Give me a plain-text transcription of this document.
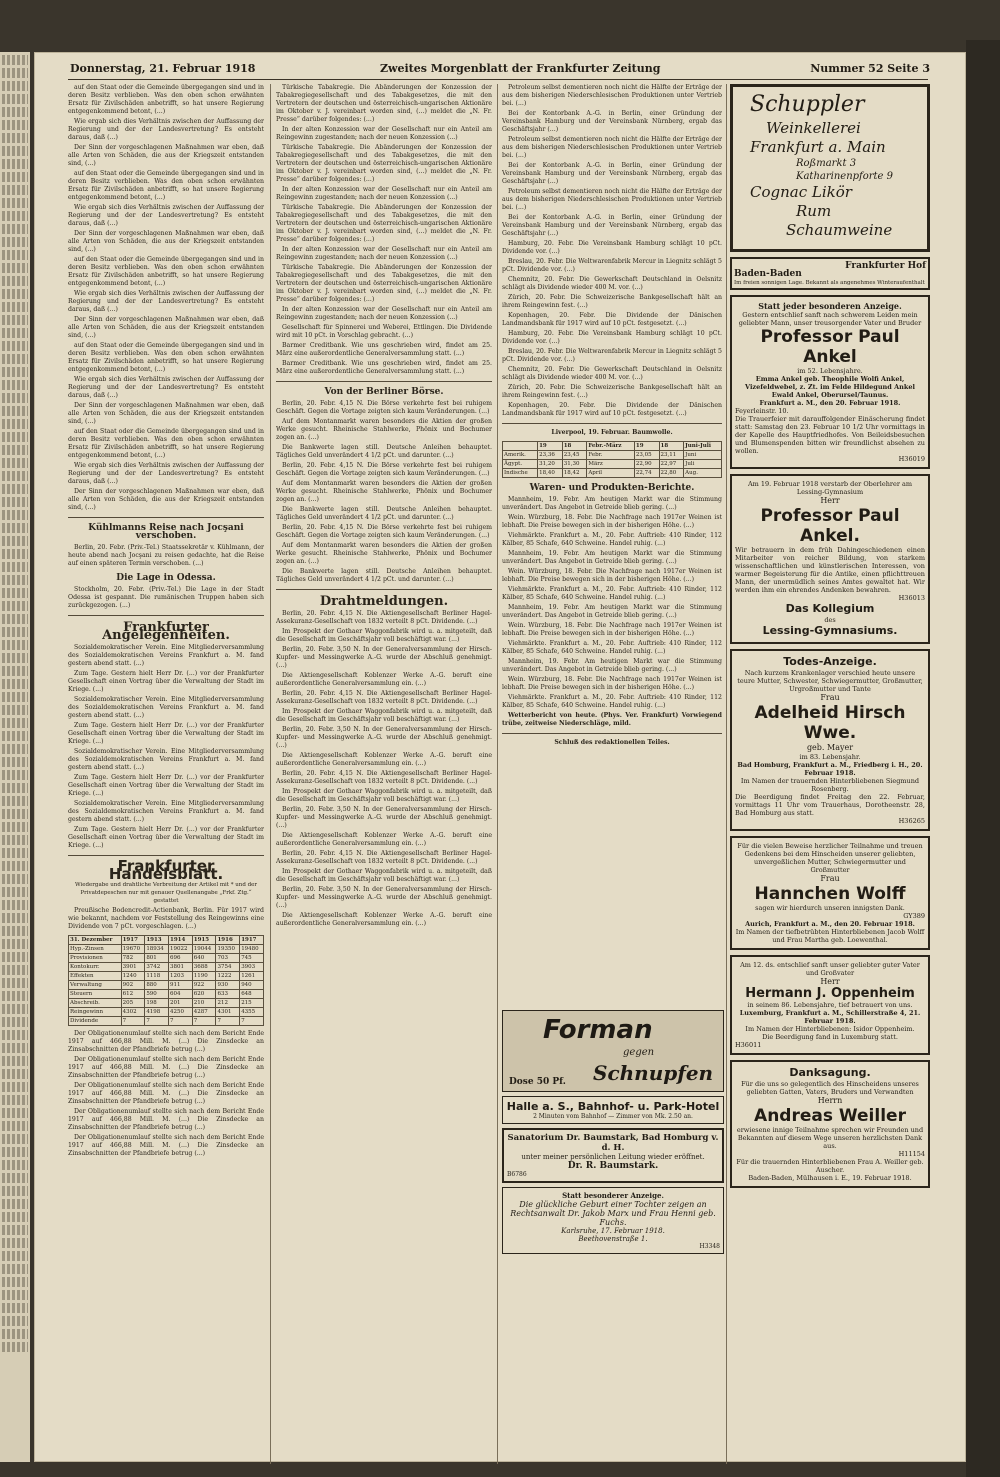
Donnerstag, 21. Februar 1918	Zweites Morgenblatt der Frankfurter Zeitung	Nummer 52 Seite 3

auf den Staat oder die Gemeinde übergegangen sind und in deren Besitz verblieben. Was den oben schon erwähnten Ersatz für Zivilschäden anbetrifft, so hat unsere Regierung entgegenkommend betont, (...)

Wie ergab sich dies Verhältnis zwischen der Auffassung der Regierung und der der Landesvertretung? Es entsteht daraus, daß (...)

Der Sinn der vorgeschlagenen Maßnahmen war eben, daß alle Arten von Schäden, die aus der Kriegszeit entstanden sind, (...)

auf den Staat oder die Gemeinde übergegangen sind und in deren Besitz verblieben. Was den oben schon erwähnten Ersatz für Zivilschäden anbetrifft, so hat unsere Regierung entgegenkommend betont, (...)

Wie ergab sich dies Verhältnis zwischen der Auffassung der Regierung und der der Landesvertretung? Es entsteht daraus, daß (...)

Der Sinn der vorgeschlagenen Maßnahmen war eben, daß alle Arten von Schäden, die aus der Kriegszeit entstanden sind, (...)

auf den Staat oder die Gemeinde übergegangen sind und in deren Besitz verblieben. Was den oben schon erwähnten Ersatz für Zivilschäden anbetrifft, so hat unsere Regierung entgegenkommend betont, (...)

Wie ergab sich dies Verhältnis zwischen der Auffassung der Regierung und der der Landesvertretung? Es entsteht daraus, daß (...)

Der Sinn der vorgeschlagenen Maßnahmen war eben, daß alle Arten von Schäden, die aus der Kriegszeit entstanden sind, (...)

auf den Staat oder die Gemeinde übergegangen sind und in deren Besitz verblieben. Was den oben schon erwähnten Ersatz für Zivilschäden anbetrifft, so hat unsere Regierung entgegenkommend betont, (...)

Wie ergab sich dies Verhältnis zwischen der Auffassung der Regierung und der der Landesvertretung? Es entsteht daraus, daß (...)

Der Sinn der vorgeschlagenen Maßnahmen war eben, daß alle Arten von Schäden, die aus der Kriegszeit entstanden sind, (...)

auf den Staat oder die Gemeinde übergegangen sind und in deren Besitz verblieben. Was den oben schon erwähnten Ersatz für Zivilschäden anbetrifft, so hat unsere Regierung entgegenkommend betont, (...)

Wie ergab sich dies Verhältnis zwischen der Auffassung der Regierung und der der Landesvertretung? Es entsteht daraus, daß (...)

Der Sinn der vorgeschlagenen Maßnahmen war eben, daß alle Arten von Schäden, die aus der Kriegszeit entstanden sind, (...)

Kühlmanns Reise nach Jocşani verschoben.

Berlin, 20. Febr. (Priv.-Tel.) Staatssekretär v. Kühlmann, der heute abend nach Jocşani zu reisen gedachte, hat die Reise auf einen späteren Termin verschoben. (...)

Die Lage in Odessa.

Stockholm, 20. Febr. (Priv.-Tel.) Die Lage in der Stadt Odessa ist gespannt. Die rumänischen Truppen haben sich zurückgezogen. (...)

Frankfurter Angelegenheiten.

Sozialdemokratischer Verein. Eine Mitgliederversammlung des Sozialdemokratischen Vereins Frankfurt a. M. fand gestern abend statt. (...)

Zum Tage. Gestern hielt Herr Dr. (...) vor der Frankfurter Gesellschaft einen Vortrag über die Verwaltung der Stadt im Kriege. (...)

Sozialdemokratischer Verein. Eine Mitgliederversammlung des Sozialdemokratischen Vereins Frankfurt a. M. fand gestern abend statt. (...)

Zum Tage. Gestern hielt Herr Dr. (...) vor der Frankfurter Gesellschaft einen Vortrag über die Verwaltung der Stadt im Kriege. (...)

Sozialdemokratischer Verein. Eine Mitgliederversammlung des Sozialdemokratischen Vereins Frankfurt a. M. fand gestern abend statt. (...)

Zum Tage. Gestern hielt Herr Dr. (...) vor der Frankfurter Gesellschaft einen Vortrag über die Verwaltung der Stadt im Kriege. (...)

Sozialdemokratischer Verein. Eine Mitgliederversammlung des Sozialdemokratischen Vereins Frankfurt a. M. fand gestern abend statt. (...)

Zum Tage. Gestern hielt Herr Dr. (...) vor der Frankfurter Gesellschaft einen Vortrag über die Verwaltung der Stadt im Kriege. (...)

Frankfurter Handelsblatt.

Wiedergabe und drahtliche Verbreitung der Artikel mit * und der Privatdepeschen nur mit genauer Quellenangabe „Frkf. Ztg.“ gestattet

Preußische Bodencredit-Actienbank, Berlin. Für 1917 wird wie bekannt, nachdem vor Feststellung des Reingewinns eine Dividende von 7 pCt. vorgeschlagen. (...)

31. Dezember	1917	1913	1914	1915	1916	1917
Hyp.-Zinsen	19670	18934	19022	19044	19350	19480
Provisionen	782	801	696	640	703	745
Kontokurr.	3901	3742	3801	3688	3754	3903
Effekten	1240	1118	1203	1190	1222	1261
Verwaltung	902	880	911	922	930	940
Steuern	612	590	604	620	633	648
Abschreib.	205	198	201	210	212	215
Reingewinn	4302	4198	4250	4287	4301	4355
Dividende	7	7	7	7	7	7

Der Obligationenumlauf stellte sich nach dem Bericht Ende 1917 auf 466,88 Mill. M. (...) Die Zinsdecke an Zinsabschnitten der Pfandbriefe betrug (...)

Der Obligationenumlauf stellte sich nach dem Bericht Ende 1917 auf 466,88 Mill. M. (...) Die Zinsdecke an Zinsabschnitten der Pfandbriefe betrug (...)

Der Obligationenumlauf stellte sich nach dem Bericht Ende 1917 auf 466,88 Mill. M. (...) Die Zinsdecke an Zinsabschnitten der Pfandbriefe betrug (...)

Der Obligationenumlauf stellte sich nach dem Bericht Ende 1917 auf 466,88 Mill. M. (...) Die Zinsdecke an Zinsabschnitten der Pfandbriefe betrug (...)

Der Obligationenumlauf stellte sich nach dem Bericht Ende 1917 auf 466,88 Mill. M. (...) Die Zinsdecke an Zinsabschnitten der Pfandbriefe betrug (...)

Türkische Tabakregie. Die Abänderungen der Konzession der Tabakregiegesellschaft und des Tabakgesetzes, die mit den Vertretern der deutschen und österreichisch-ungarischen Aktionäre im Oktober v. J. vereinbart worden sind, (...) meldet die „N. Fr. Presse“ darüber folgendes: (...)

In der alten Konzession war der Gesellschaft nur ein Anteil am Reingewinn zugestanden; nach der neuen Konzession (...)

Türkische Tabakregie. Die Abänderungen der Konzession der Tabakregiegesellschaft und des Tabakgesetzes, die mit den Vertretern der deutschen und österreichisch-ungarischen Aktionäre im Oktober v. J. vereinbart worden sind, (...) meldet die „N. Fr. Presse“ darüber folgendes: (...)

In der alten Konzession war der Gesellschaft nur ein Anteil am Reingewinn zugestanden; nach der neuen Konzession (...)

Türkische Tabakregie. Die Abänderungen der Konzession der Tabakregiegesellschaft und des Tabakgesetzes, die mit den Vertretern der deutschen und österreichisch-ungarischen Aktionäre im Oktober v. J. vereinbart worden sind, (...) meldet die „N. Fr. Presse“ darüber folgendes: (...)

In der alten Konzession war der Gesellschaft nur ein Anteil am Reingewinn zugestanden; nach der neuen Konzession (...)

Türkische Tabakregie. Die Abänderungen der Konzession der Tabakregiegesellschaft und des Tabakgesetzes, die mit den Vertretern der deutschen und österreichisch-ungarischen Aktionäre im Oktober v. J. vereinbart worden sind, (...) meldet die „N. Fr. Presse“ darüber folgendes: (...)

In der alten Konzession war der Gesellschaft nur ein Anteil am Reingewinn zugestanden; nach der neuen Konzession (...)

Gesellschaft für Spinnerei und Weberei, Ettlingen. Die Dividende wird mit 10 pCt. in Vorschlag gebracht. (...)

Barmer Creditbank. Wie uns geschrieben wird, findet am 25. März eine außerordentliche Generalversammlung statt. (...)

Barmer Creditbank. Wie uns geschrieben wird, findet am 25. März eine außerordentliche Generalversammlung statt. (...)

Von der Berliner Börse.

Berlin, 20. Febr. 4,15 N. Die Börse verkehrte fest bei ruhigem Geschäft. Gegen die Vortage zeigten sich kaum Veränderungen. (...)

Auf dem Montanmarkt waren besonders die Aktien der großen Werke gesucht. Rheinische Stahlwerke, Phönix und Bochumer zogen an. (...)

Die Bankwerte lagen still. Deutsche Anleihen behauptet. Tägliches Geld unverändert 4 1/2 pCt. und darunter. (...)

Berlin, 20. Febr. 4,15 N. Die Börse verkehrte fest bei ruhigem Geschäft. Gegen die Vortage zeigten sich kaum Veränderungen. (...)

Auf dem Montanmarkt waren besonders die Aktien der großen Werke gesucht. Rheinische Stahlwerke, Phönix und Bochumer zogen an. (...)

Die Bankwerte lagen still. Deutsche Anleihen behauptet. Tägliches Geld unverändert 4 1/2 pCt. und darunter. (...)

Berlin, 20. Febr. 4,15 N. Die Börse verkehrte fest bei ruhigem Geschäft. Gegen die Vortage zeigten sich kaum Veränderungen. (...)

Auf dem Montanmarkt waren besonders die Aktien der großen Werke gesucht. Rheinische Stahlwerke, Phönix und Bochumer zogen an. (...)

Die Bankwerte lagen still. Deutsche Anleihen behauptet. Tägliches Geld unverändert 4 1/2 pCt. und darunter. (...)

Drahtmeldungen.

Berlin, 20. Febr. 4,15 N. Die Aktiengesellschaft Berliner Hagel-Assekuranz-Gesellschaft von 1832 verteilt 8 pCt. Dividende. (...)

Im Prospekt der Gothaer Waggonfabrik wird u. a. mitgeteilt, daß die Gesellschaft im Geschäftsjahr voll beschäftigt war. (...)

Berlin, 20. Febr. 3,50 N. In der Generalversammlung der Hirsch-Kupfer- und Messingwerke A.-G. wurde der Abschluß genehmigt. (...)

Die Aktiengesellschaft Koblenzer Werke A.-G. beruft eine außerordentliche Generalversammlung ein. (...)

Berlin, 20. Febr. 4,15 N. Die Aktiengesellschaft Berliner Hagel-Assekuranz-Gesellschaft von 1832 verteilt 8 pCt. Dividende. (...)

Im Prospekt der Gothaer Waggonfabrik wird u. a. mitgeteilt, daß die Gesellschaft im Geschäftsjahr voll beschäftigt war. (...)

Berlin, 20. Febr. 3,50 N. In der Generalversammlung der Hirsch-Kupfer- und Messingwerke A.-G. wurde der Abschluß genehmigt. (...)

Die Aktiengesellschaft Koblenzer Werke A.-G. beruft eine außerordentliche Generalversammlung ein. (...)

Berlin, 20. Febr. 4,15 N. Die Aktiengesellschaft Berliner Hagel-Assekuranz-Gesellschaft von 1832 verteilt 8 pCt. Dividende. (...)

Im Prospekt der Gothaer Waggonfabrik wird u. a. mitgeteilt, daß die Gesellschaft im Geschäftsjahr voll beschäftigt war. (...)

Berlin, 20. Febr. 3,50 N. In der Generalversammlung der Hirsch-Kupfer- und Messingwerke A.-G. wurde der Abschluß genehmigt. (...)

Die Aktiengesellschaft Koblenzer Werke A.-G. beruft eine außerordentliche Generalversammlung ein. (...)

Berlin, 20. Febr. 4,15 N. Die Aktiengesellschaft Berliner Hagel-Assekuranz-Gesellschaft von 1832 verteilt 8 pCt. Dividende. (...)

Im Prospekt der Gothaer Waggonfabrik wird u. a. mitgeteilt, daß die Gesellschaft im Geschäftsjahr voll beschäftigt war. (...)

Berlin, 20. Febr. 3,50 N. In der Generalversammlung der Hirsch-Kupfer- und Messingwerke A.-G. wurde der Abschluß genehmigt. (...)

Die Aktiengesellschaft Koblenzer Werke A.-G. beruft eine außerordentliche Generalversammlung ein. (...)

Petroleum selbst dementieren noch nicht die Hälfte der Erträge der aus dem bisherigen Niederschlesischen Produktionen unter Vertrieb bei. (...)

Bei der Kontorbank A.-G. in Berlin, einer Gründung der Vereinsbank Hamburg und der Vereinsbank Nürnberg, ergab das Geschäftsjahr (...)

Petroleum selbst dementieren noch nicht die Hälfte der Erträge der aus dem bisherigen Niederschlesischen Produktionen unter Vertrieb bei. (...)

Bei der Kontorbank A.-G. in Berlin, einer Gründung der Vereinsbank Hamburg und der Vereinsbank Nürnberg, ergab das Geschäftsjahr (...)

Petroleum selbst dementieren noch nicht die Hälfte der Erträge der aus dem bisherigen Niederschlesischen Produktionen unter Vertrieb bei. (...)

Bei der Kontorbank A.-G. in Berlin, einer Gründung der Vereinsbank Hamburg und der Vereinsbank Nürnberg, ergab das Geschäftsjahr (...)

Hamburg, 20. Febr. Die Vereinsbank Hamburg schlägt 10 pCt. Dividende vor. (...)

Breslau, 20. Febr. Die Weltwarenfabrik Mercur in Liegnitz schlägt 5 pCt. Dividende vor. (...)

Chemnitz, 20. Febr. Die Gewerkschaft Deutschland in Oelsnitz schlägt als Dividende wieder 400 M. vor. (...)

Zürich, 20. Febr. Die Schweizerische Bankgesellschaft hält an ihrem Reingewinn fest. (...)

Kopenhagen, 20. Febr. Die Dividende der Dänischen Landmandsbank für 1917 wird auf 10 pCt. festgesetzt. (...)

Hamburg, 20. Febr. Die Vereinsbank Hamburg schlägt 10 pCt. Dividende vor. (...)

Breslau, 20. Febr. Die Weltwarenfabrik Mercur in Liegnitz schlägt 5 pCt. Dividende vor. (...)

Chemnitz, 20. Febr. Die Gewerkschaft Deutschland in Oelsnitz schlägt als Dividende wieder 400 M. vor. (...)

Zürich, 20. Febr. Die Schweizerische Bankgesellschaft hält an ihrem Reingewinn fest. (...)

Kopenhagen, 20. Febr. Die Dividende der Dänischen Landmandsbank für 1917 wird auf 10 pCt. festgesetzt. (...)

Liverpool, 19. Februar. Baumwolle.

	19	18	Febr.-März	19	18	Juni-Juli
Amerik.	23,36	23,45	Febr.	23,05	23,11	Juni
Ägypt.	31,20	31,30	März	22,90	22,97	Juli
Indische	18,40	18,42	April	22,74	22,80	Aug.
Waren- und Produkten-Berichte.

Mannheim, 19. Febr. Am heutigen Markt war die Stimmung unverändert. Das Angebot in Getreide blieb gering. (...)

Wein. Würzburg, 18. Febr. Die Nachfrage nach 1917er Weinen ist lebhaft. Die Preise bewegen sich in der bisherigen Höhe. (...)

Viehmärkte. Frankfurt a. M., 20. Febr. Auftrieb: 410 Rinder, 112 Kälber, 85 Schafe, 640 Schweine. Handel ruhig. (...)

Mannheim, 19. Febr. Am heutigen Markt war die Stimmung unverändert. Das Angebot in Getreide blieb gering. (...)

Wein. Würzburg, 18. Febr. Die Nachfrage nach 1917er Weinen ist lebhaft. Die Preise bewegen sich in der bisherigen Höhe. (...)

Viehmärkte. Frankfurt a. M., 20. Febr. Auftrieb: 410 Rinder, 112 Kälber, 85 Schafe, 640 Schweine. Handel ruhig. (...)

Mannheim, 19. Febr. Am heutigen Markt war die Stimmung unverändert. Das Angebot in Getreide blieb gering. (...)

Wein. Würzburg, 18. Febr. Die Nachfrage nach 1917er Weinen ist lebhaft. Die Preise bewegen sich in der bisherigen Höhe. (...)

Viehmärkte. Frankfurt a. M., 20. Febr. Auftrieb: 410 Rinder, 112 Kälber, 85 Schafe, 640 Schweine. Handel ruhig. (...)

Mannheim, 19. Febr. Am heutigen Markt war die Stimmung unverändert. Das Angebot in Getreide blieb gering. (...)

Wein. Würzburg, 18. Febr. Die Nachfrage nach 1917er Weinen ist lebhaft. Die Preise bewegen sich in der bisherigen Höhe. (...)

Viehmärkte. Frankfurt a. M., 20. Febr. Auftrieb: 410 Rinder, 112 Kälber, 85 Schafe, 640 Schweine. Handel ruhig. (...)

Wetterbericht von heute. (Phys. Ver. Frankfurt) Vorwiegend trübe, zeitweise Niederschläge, mild.

Schluß des redaktionellen Teiles.

Forman
gegen
Schnupfen
Dose 50 Pf.
Halle a. S., Bahnhof- u. Park-Hotel
2 Minuten vom Bahnhof — Zimmer von Mk. 2.50 an.
Sanatorium Dr. Baumstark, Bad Homburg v. d. H.
unter meiner persönlichen Leitung wieder eröffnet.
Dr. R. Baumstark.
B6786
Statt besonderer Anzeige.
Die glückliche Geburt einer Tochter zeigen an Rechtsanwalt Dr. Jakob Marx und Frau Henni geb. Fuchs.
Karlsruhe, 17. Februar 1918.
Beethovenstraße 1.
H3348
Schuppler
Weinkellerei
Frankfurt a. Main
Roßmarkt 3
Katharinenpforte 9
Cognac Likör
Rum
Schaumweine
Baden-Baden
Frankfurter Hof
Im freien sonnigen Lage. Bekannt als angenehmes Winteraufenthalt
Statt jeder besonderen Anzeige.
Gestern entschlief sanft nach schwerem Leiden mein geliebter Mann, unser treusorgender Vater und Bruder
Professor Paul Ankel
im 52. Lebensjahre.
Emma Ankel geb. Theophile Wolfi Ankel, Vizefeldwebel, z. Zt. im Felde Hildegund Ankel Ewald Ankel, Oberursel/Taunus.
Frankfurt a. M., den 20. Februar 1918.
Feyerleinstr. 10.
Die Trauerfeier mit darauffolgender Einäscherung findet statt: Samstag den 23. Februar 10 1/2 Uhr vormittags in der Kapelle des Hauptfriedhofes. Von Beileidsbesuchen und Blumenspenden bitten wir freundlichst absehen zu wollen.
H36019
Am 19. Februar 1918 verstarb der Oberlehrer am Lessing-Gymnasium
Herr
Professor Paul Ankel.
Wir betrauern in dem früh Dahingeschiedenen einen Mitarbeiter von reicher Bildung, von starkem wissenschaftlichen und künstlerischen Interessen, von warmer Begeisterung für die Antike, einen pflichttreuen Mann, der unermüdlich seines Amtes gewaltet hat. Wir werden ihm ein ehrendes Andenken bewahren.
H36013
Das Kollegium
des
Lessing-Gymnasiums.
Todes-Anzeige.
Nach kurzem Krankenlager verschied heute unsere teure Mutter, Schwester, Schwiegermutter, Großmutter, Urgroßmutter und Tante
Frau
Adelheid Hirsch Wwe.
geb. Mayer
im 83. Lebensjahr.
Bad Homburg, Frankfurt a. M., Friedberg i. H., 20. Februar 1918.
Im Namen der trauernden Hinterbliebenen Siegmund Rosenberg.
Die Beerdigung findet Freitag den 22. Februar, vormittags 11 Uhr vom Trauerhaus, Dorotheenstr. 28, Bad Homburg aus statt.
H36265
Für die vielen Beweise herzlicher Teilnahme und treuen Gedenkens bei dem Hinscheiden unserer geliebten, unvergeßlichen Mutter, Schwiegermutter und Großmutter
Frau
Hannchen Wolff
sagen wir hierdurch unseren innigsten Dank.
GY389
Aurich, Frankfurt a. M., den 20. Februar 1918.
Im Namen der tiefbetrübten Hinterbliebenen Jacob Wolff und Frau Martha geb. Loewenthal.
Am 12. ds. entschlief sanft unser geliebter guter Vater und Großvater
Herr
Hermann J. Oppenheim
in seinem 86. Lebensjahre, tief betrauert von uns.
Luxemburg, Frankfurt a. M., Schillerstraße 4, 21. Februar 1918.
Im Namen der Hinterbliebenen: Isidor Oppenheim.
Die Beerdigung fand in Luxemburg statt.
H36011
Danksagung.
Für die uns so gelegentlich des Hinscheidens unseres geliebten Gatten, Vaters, Bruders und Verwandten
Herrn
Andreas Weiller
erwiesene innige Teilnahme sprechen wir Freunden und Bekannten auf diesem Wege unseren herzlichsten Dank aus.
H11154
Für die trauernden Hinterbliebenen Frau A. Weiller geb. Auscher.
Baden-Baden, Mülhausen i. E., 19. Februar 1918.
